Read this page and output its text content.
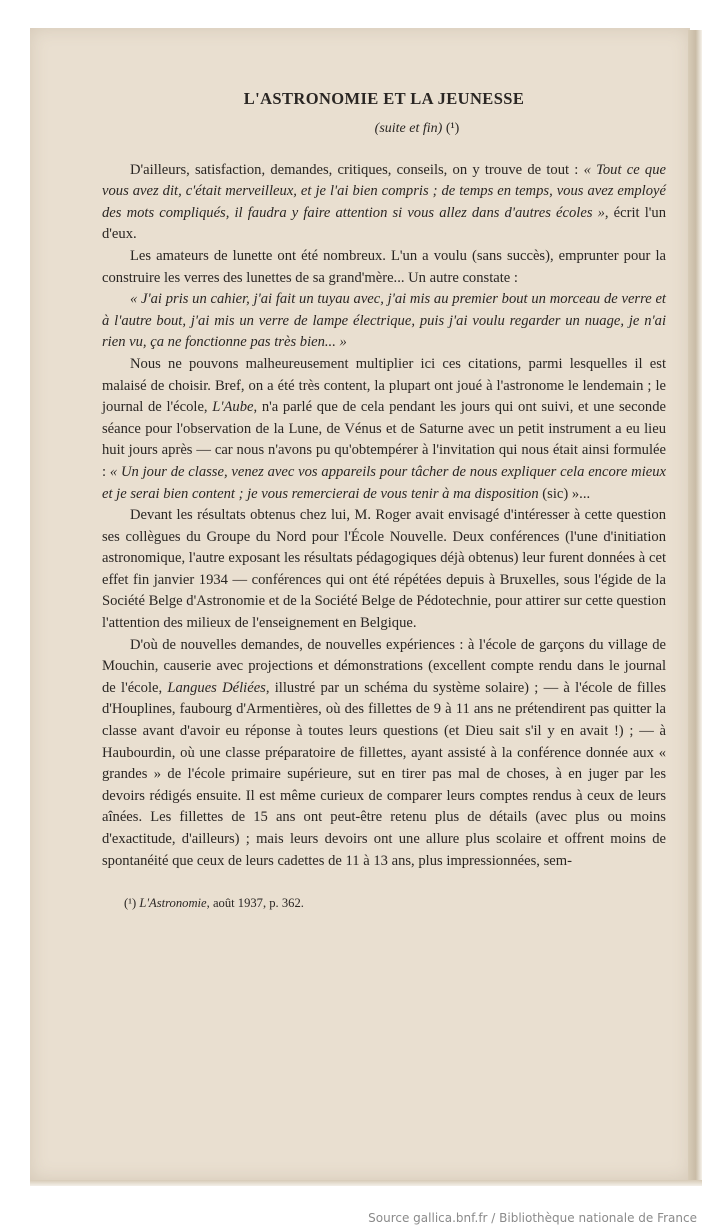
L'ASTRONOMIE ET LA JEUNESSE
(suite et fin) (¹)

D'ailleurs, satisfaction, demandes, critiques, conseils, on y trouve de tout : « Tout ce que vous avez dit, c'était merveilleux, et je l'ai bien compris ; de temps en temps, vous avez employé des mots compliqués, il faudra y faire attention si vous allez dans d'autres écoles », écrit l'un d'eux.

Les amateurs de lunette ont été nombreux. L'un a voulu (sans succès), emprunter pour la construire les verres des lunettes de sa grand'mère... Un autre constate :

« J'ai pris un cahier, j'ai fait un tuyau avec, j'ai mis au premier bout un morceau de verre et à l'autre bout, j'ai mis un verre de lampe électrique, puis j'ai voulu regarder un nuage, je n'ai rien vu, ça ne fonctionne pas très bien... »

Nous ne pouvons malheureusement multiplier ici ces citations, parmi lesquelles il est malaisé de choisir. Bref, on a été très content, la plupart ont joué à l'astronome le lendemain ; le journal de l'école, L'Aube, n'a parlé que de cela pendant les jours qui ont suivi, et une seconde séance pour l'observation de la Lune, de Vénus et de Saturne avec un petit instrument a eu lieu huit jours après — car nous n'avons pu qu'obtempérer à l'invitation qui nous était ainsi formulée : « Un jour de classe, venez avec vos appareils pour tâcher de nous expliquer cela encore mieux et je serai bien content ; je vous remercierai de vous tenir à ma disposition (sic) »...

Devant les résultats obtenus chez lui, M. Roger avait envisagé d'intéresser à cette question ses collègues du Groupe du Nord pour l'École Nouvelle. Deux conférences (l'une d'initiation astronomique, l'autre exposant les résultats pédagogiques déjà obtenus) leur furent données à cet effet fin janvier 1934 — conférences qui ont été répétées depuis à Bruxelles, sous l'égide de la Société Belge d'Astronomie et de la Société Belge de Pédotechnie, pour attirer sur cette question l'attention des milieux de l'enseignement en Belgique.

D'où de nouvelles demandes, de nouvelles expériences : à l'école de garçons du village de Mouchin, causerie avec projections et démonstrations (excellent compte rendu dans le journal de l'école, Langues Déliées, illustré par un schéma du système solaire) ; — à l'école de filles d'Houplines, faubourg d'Armentières, où des fillettes de 9 à 11 ans ne prétendirent pas quitter la classe avant d'avoir eu réponse à toutes leurs questions (et Dieu sait s'il y en avait !) ; — à Haubourdin, où une classe préparatoire de fillettes, ayant assisté à la conférence donnée aux « grandes » de l'école primaire supérieure, sut en tirer pas mal de choses, à en juger par les devoirs rédigés ensuite. Il est même curieux de comparer leurs comptes rendus à ceux de leurs aînées. Les fillettes de 15 ans ont peut-être retenu plus de détails (avec plus ou moins d'exactitude, d'ailleurs) ; mais leurs devoirs ont une allure plus scolaire et offrent moins de spontanéité que ceux de leurs cadettes de 11 à 13 ans, plus impressionnées, sem-

(¹) L'Astronomie, août 1937, p. 362.
Source gallica.bnf.fr / Bibliothèque nationale de France
